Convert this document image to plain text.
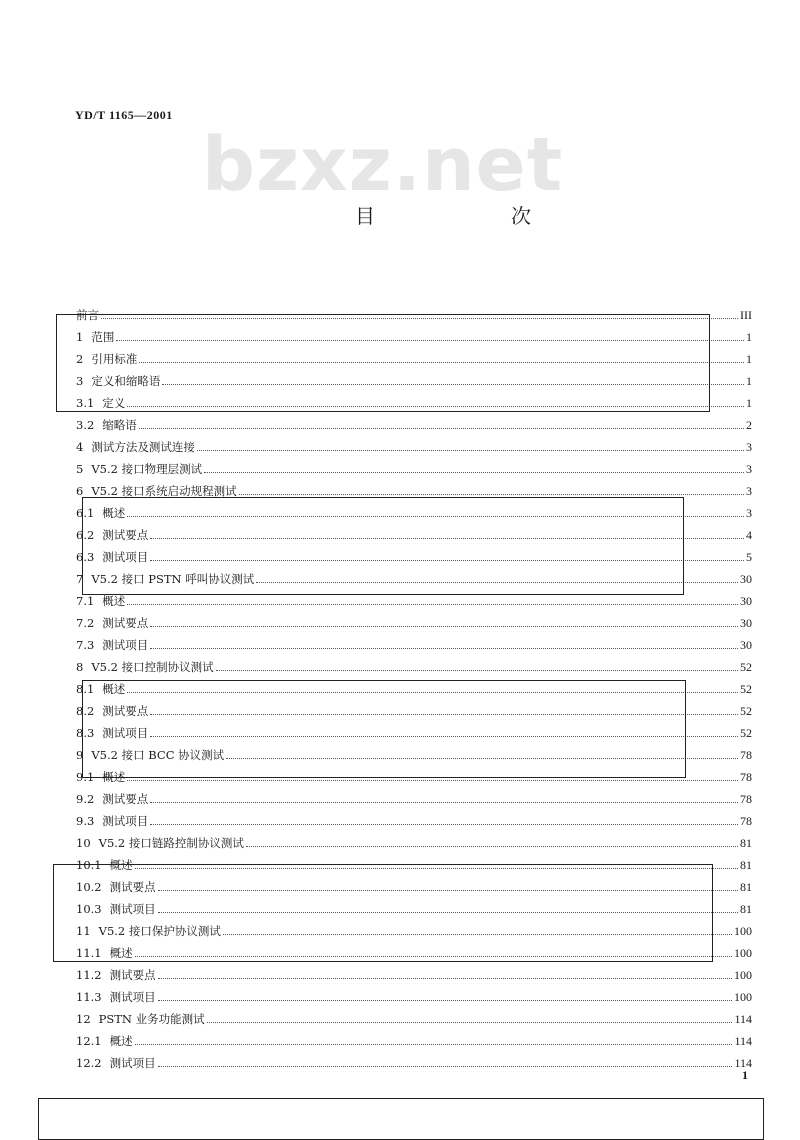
YD/T 1165—2001
bzxz.net
目　次
前言	III
1 范围	1
2 引用标准	1
3 定义和缩略语	1
3.1 定义	1
3.2 缩略语	2
4 测试方法及测试连接	3
5 V5.2 接口物理层测试	3
6 V5.2 接口系统启动规程测试	3
6.1 概述	3
6.2 测试要点	4
6.3 测试项目	5
7 V5.2 接口 PSTN 呼叫协议测试	30
7.1 概述	30
7.2 测试要点	30
7.3 测试项目	30
8 V5.2 接口控制协议测试	52
8.1 概述	52
8.2 测试要点	52
8.3 测试项目	52
9 V5.2 接口 BCC 协议测试	78
9.1 概述	78
9.2 测试要点	78
9.3 测试项目	78
10 V5.2 接口链路控制协议测试	81
10.1 概述	81
10.2 测试要点	81
10.3 测试项目	81
11 V5.2 接口保护协议测试	100
11.1 概述	100
11.2 测试要点	100
11.3 测试项目	100
12 PSTN 业务功能测试	114
12.1 概述	114
12.2 测试项目	114
1
